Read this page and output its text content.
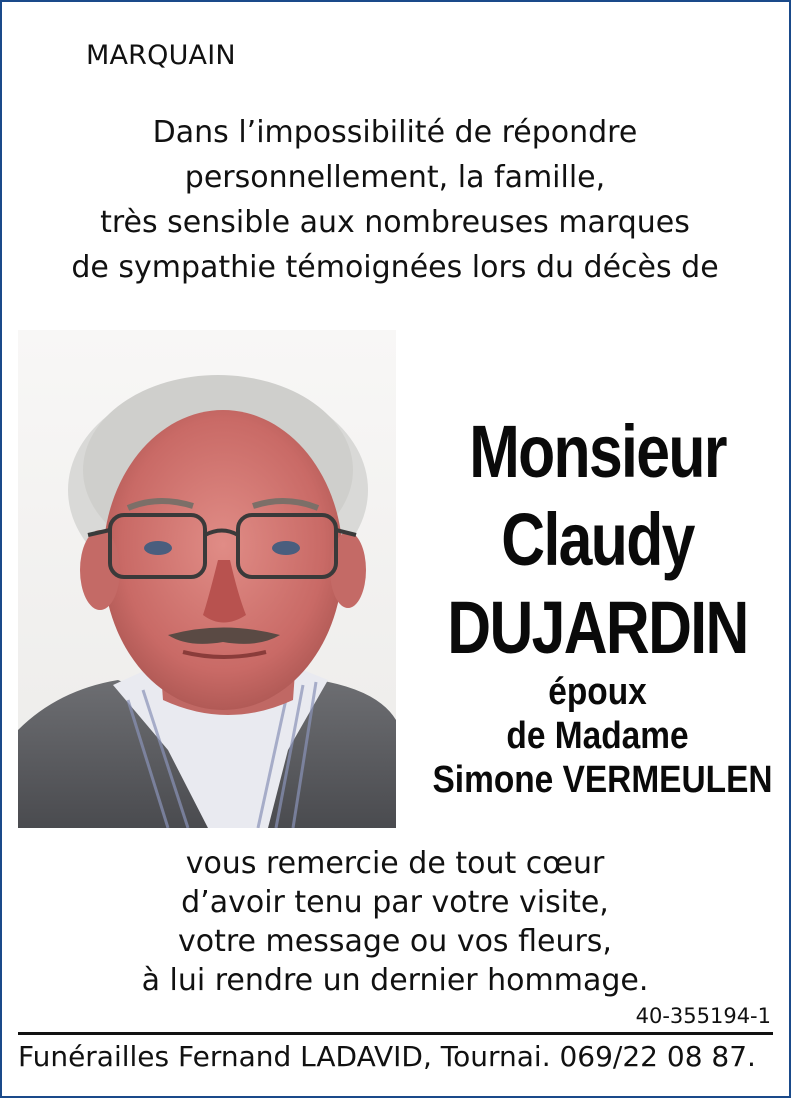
MARQUAIN
Dans l’impossibilité de répondre
personnellement, la famille,
très sensible aux nombreuses marques
de sympathie témoignées lors du décès de
Monsieur
Claudy
DUJARDIN
époux
de Madame
Simone VERMEULEN
vous remercie de tout cœur
d’avoir tenu par votre visite,
votre message ou vos fleurs,
à lui rendre un dernier hommage.
40-355194-1
Funérailles Fernand LADAVID, Tournai. 069/22 08 87.
